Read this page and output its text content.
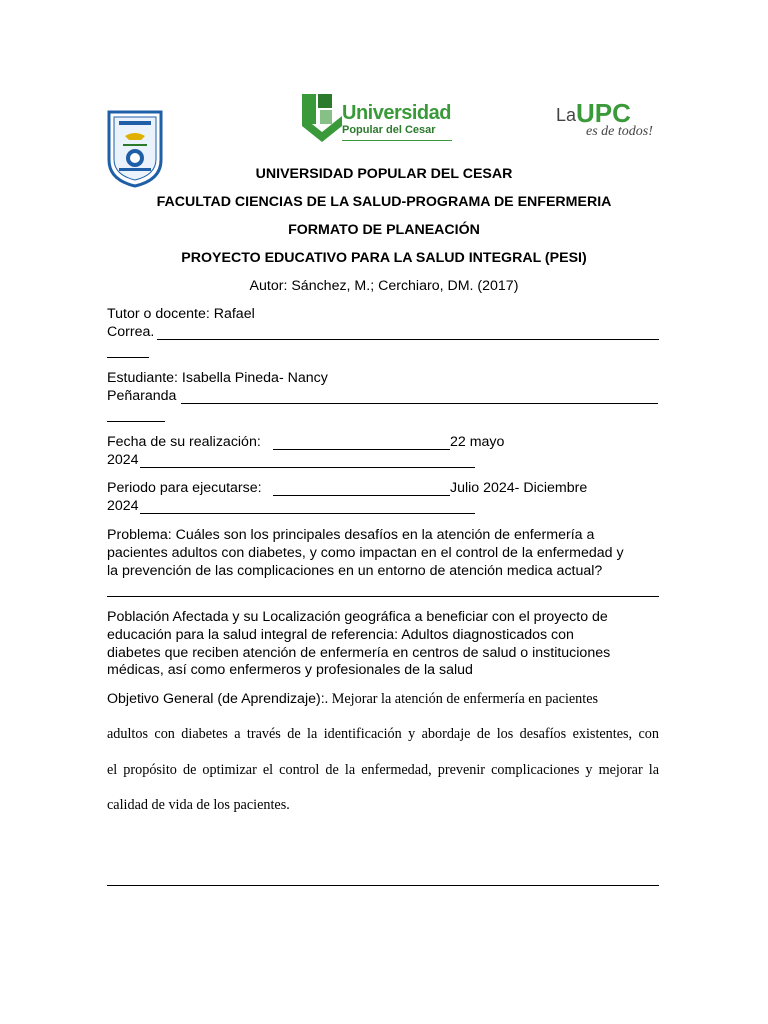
Universidad
Popular del Cesar
La UPC
es de todos!
UNIVERSIDAD POPULAR DEL CESAR
FACULTAD CIENCIAS DE LA SALUD-PROGRAMA DE ENFERMERIA
FORMATO DE PLANEACIÓN
PROYECTO EDUCATIVO PARA LA SALUD INTEGRAL (PESI)
Autor: Sánchez, M.; Cerchiaro, DM. (2017)
Tutor o docente: Rafael
Correa.
Estudiante: Isabella Pineda- Nancy
Peñaranda
Fecha de su realización:	22 mayo
2024
Periodo para ejecutarse:	Julio 2024- Diciembre
2024
Problema: Cuáles son los principales desafíos en la atención de enfermería a
pacientes adultos con diabetes, y como impactan en el control de la enfermedad y
la prevención de las complicaciones en un entorno de atención medica actual?
Población Afectada y su Localización geográfica a beneficiar con el proyecto de
educación para la salud integral de referencia: Adultos diagnosticados con
diabetes que reciben atención de enfermería en centros de salud o instituciones
médicas, así como enfermeros y profesionales de la salud
Objetivo General (de Aprendizaje):. Mejorar la atención de enfermería en pacientes
adultos con diabetes a través de la identificación y abordaje de los desafíos existentes, con
el propósito de optimizar el control de la enfermedad, prevenir complicaciones y mejorar la
calidad de vida de los pacientes.
